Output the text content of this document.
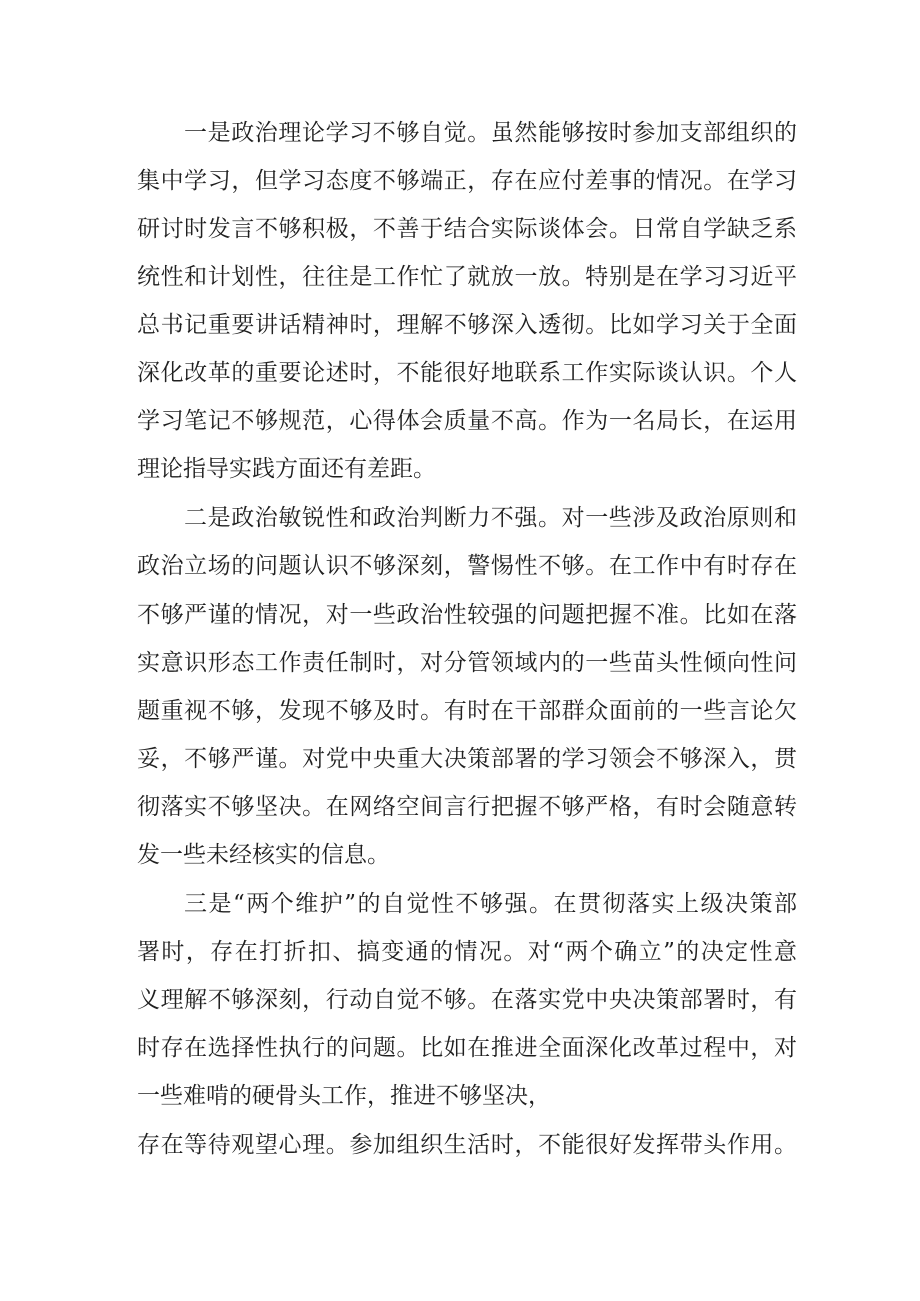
一是政治理论学习不够自觉。虽然能够按时参加支部组织的
集中学习，但学习态度不够端正，存在应付差事的情况。在学习
研讨时发言不够积极，不善于结合实际谈体会。日常自学缺乏系
统性和计划性，往往是工作忙了就放一放。特别是在学习习近平
总书记重要讲话精神时，理解不够深入透彻。比如学习关于全面
深化改革的重要论述时，不能很好地联系工作实际谈认识。个人
学习笔记不够规范，心得体会质量不高。作为一名局长，在运用
理论指导实践方面还有差距。
二是政治敏锐性和政治判断力不强。对一些涉及政治原则和
政治立场的问题认识不够深刻，警惕性不够。在工作中有时存在
不够严谨的情况，对一些政治性较强的问题把握不准。比如在落
实意识形态工作责任制时，对分管领域内的一些苗头性倾向性问
题重视不够，发现不够及时。有时在干部群众面前的一些言论欠
妥，不够严谨。对党中央重大决策部署的学习领会不够深入，贯
彻落实不够坚决。在网络空间言行把握不够严格，有时会随意转
发一些未经核实的信息。
三是“两个维护”的自觉性不够强。在贯彻落实上级决策部
署时，存在打折扣、搞变通的情况。对“两个确立”的决定性意
义理解不够深刻，行动自觉不够。在落实党中央决策部署时，有
时存在选择性执行的问题。比如在推进全面深化改革过程中，对
一些难啃的硬骨头工作，推进不够坚决，
存在等待观望心理。参加组织生活时，不能很好发挥带头作用。
